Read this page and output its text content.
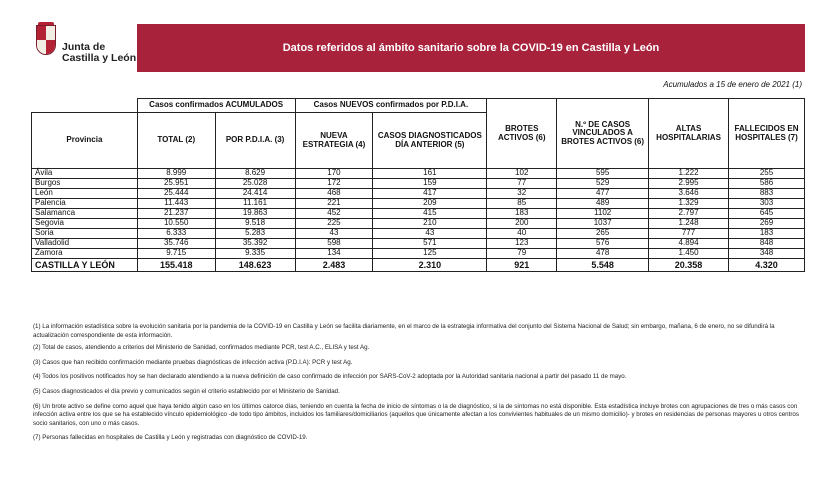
Junta de
Castilla y León
Datos referidos al ámbito sanitario sobre la COVID-19 en Castilla y León
Acumulados a 15 de enero de 2021 (1)
	Casos confirmados ACUMULADOS		Casos NUEVOS confirmados por P.D.I.A.		BROTES ACTIVOS (6)	N.º DE CASOS VINCULADOS A BROTES ACTIVOS (6)	ALTAS HOSPITALARIAS	FALLECIDOS EN HOSPITALES (7)
Provincia	TOTAL (2)	POR P.D.I.A. (3)	NUEVA ESTRATEGIA (4)	CASOS DIAGNOSTICADOS DÍA ANTERIOR (5)				
Ávila	8.999	8.629	170	161	102	595	1.222	255
Burgos	25.951	25.028	172	159	77	529	2.995	586
León	25.444	24.414	468	417	32	477	3.646	883
Palencia	11.443	11.161	221	209	85	489	1.329	303
Salamanca	21.237	19.863	452	415	183	1102	2.797	645
Segovia	10.550	9.518	225	210	200	1037	1.248	269
Soria	6.333	5.283	43	43	40	265	777	183
Valladolid	35.746	35.392	598	571	123	576	4.894	848
Zamora	9.715	9.335	134	125	79	478	1.450	348
CASTILLA Y LEÓN	155.418	148.623	2.483	2.310	921	5.548	20.358	4.320

(1) La información estadística sobre la evolución sanitaria por la pandemia de la COVID-19 en Castilla y León se facilita diariamente, en el marco de la estrategia informativa del conjunto del Sistema Nacional de Salud; sin embargo, mañana, 6 de enero, no se difundirá la actualización correspondiente de esta información.

(2) Total de casos, atendiendo a criterios del Ministerio de Sanidad, confirmados mediante PCR, test A.C., ELISA y test Ag.

(3) Casos que han recibido confirmación mediante pruebas diagnósticas de infección activa (P.D.I.A): PCR y test Ag.

(4) Todos los positivos notificados hoy se han declarado atendiendo a la nueva definición de caso confirmado de infección por SARS-CoV-2 adoptada por la Autoridad sanitaria nacional a partir del pasado 11 de mayo.

(5) Casos diagnosticados el día previo y comunicados según el criterio establecido por el Ministerio de Sanidad.

(6) Un brote activo se define como aquel que haya tenido algún caso en los últimos catorce días, teniendo en cuenta la fecha de inicio de síntomas o la de diagnóstico, si la de síntomas no está disponible. Esta estadística incluye brotes con agrupaciones de tres o más casos con infección activa entre los que se ha establecido vínculo epidemiológico -de todo tipo ámbitos, incluidos los familiares/domiciliarios (aquellos que únicamente afectan a los convivientes habituales de un mismo domicilio)- y brotes en residencias de personas mayores u otros centros socio sanitarios, con uno o más casos.

(7) Personas fallecidas en hospitales de Castilla y León y registradas con diagnóstico de COVID-19.
